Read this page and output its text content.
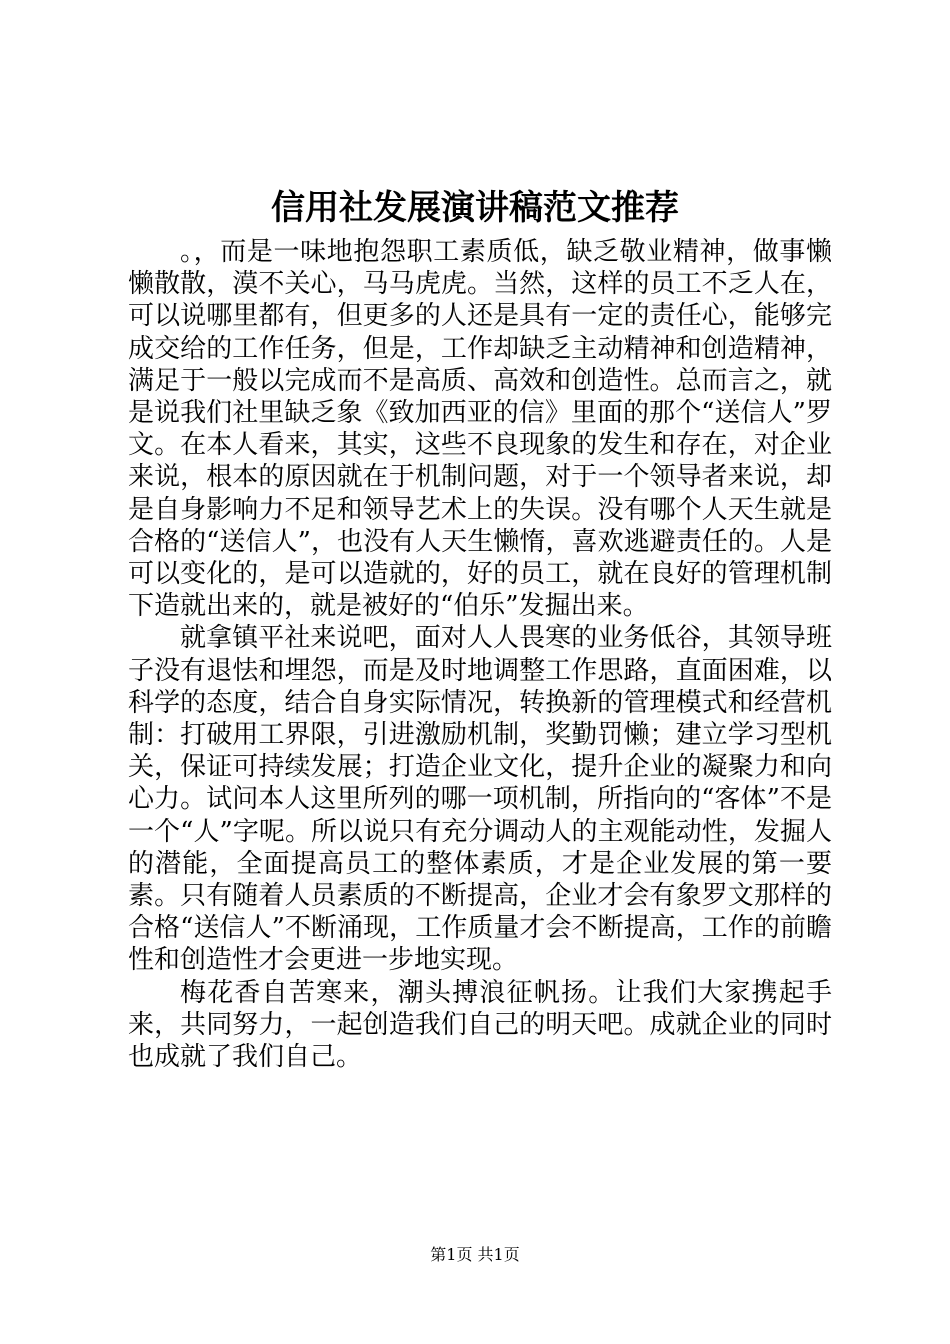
信用社发展演讲稿范文推荐

。，而是一味地抱怨职工素质低，缺乏敬业精神，做事懒懒散散，漠不关心，马马虎虎。当然，这样的员工不乏人在，可以说哪里都有，但更多的人还是具有一定的责任心，能够完成交给的工作任务，但是，工作却缺乏主动精神和创造精神，满足于一般以完成而不是高质、高效和创造性。总而言之，就是说我们社里缺乏象《致加西亚的信》里面的那个“送信人”罗文。在本人看来，其实，这些不良现象的发生和存在，对企业来说，根本的原因就在于机制问题，对于一个领导者来说，却是自身影响力不足和领导艺术上的失误。没有哪个人天生就是合格的“送信人”，也没有人天生懒惰，喜欢逃避责任的。人是可以变化的，是可以造就的，好的员工，就在良好的管理机制下造就出来的，就是被好的“伯乐”发掘出来。

就拿镇平社来说吧，面对人人畏寒的业务低谷，其领导班子没有退怯和埋怨，而是及时地调整工作思路，直面困难，以科学的态度，结合自身实际情况，转换新的管理模式和经营机制：打破用工界限，引进激励机制，奖勤罚懒；建立学习型机关，保证可持续发展；打造企业文化，提升企业的凝聚力和向心力。试问本人这里所列的哪一项机制，所指向的“客体”不是一个“人”字呢。所以说只有充分调动人的主观能动性，发掘人的潜能，全面提高员工的整体素质，才是企业发展的第一要素。只有随着人员素质的不断提高，企业才会有象罗文那样的合格“送信人”不断涌现，工作质量才会不断提高，工作的前瞻性和创造性才会更进一步地实现。

梅花香自苦寒来，潮头搏浪征帆扬。让我们大家携起手来，共同努力，一起创造我们自己的明天吧。成就企业的同时也成就了我们自己。

第1页 共1页
